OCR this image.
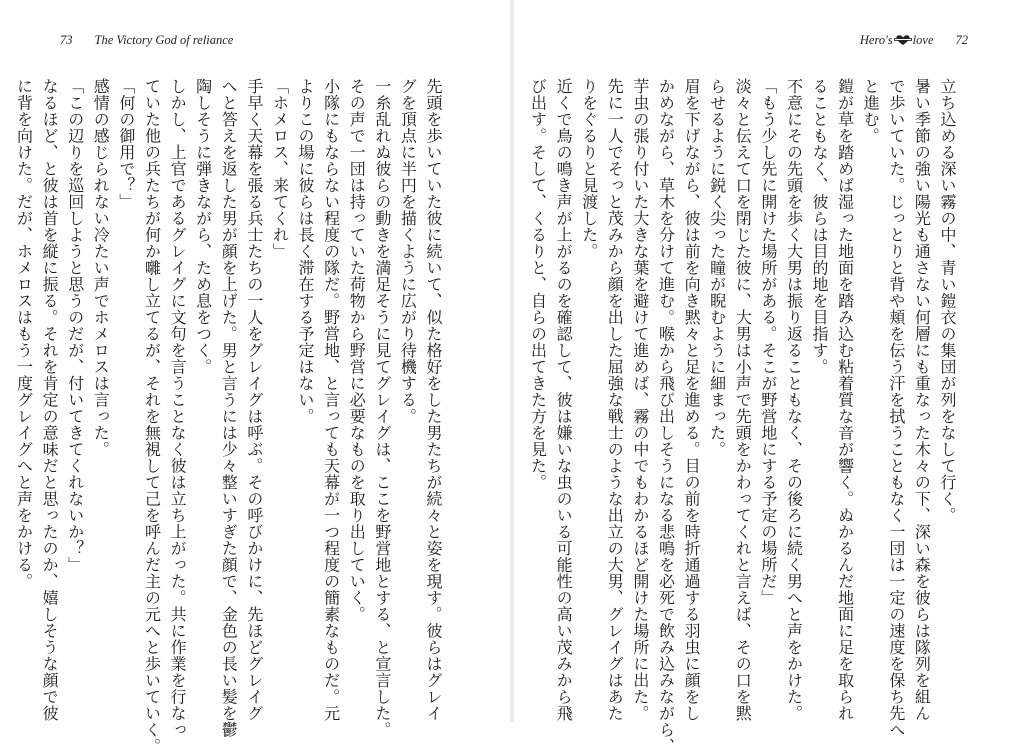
73 The Victory God of reliance	Hero's love 72

立ち込める深い霧の中、青い鎧衣の集団が列をなして行く。

暑い季節の強い陽光も通さない何層にも重なった木々の下、深い森を彼らは隊列を組ん

で歩いていた。じっとりと背や頬を伝う汗を拭うこともなく一団は一定の速度を保ち先へ

と進む。

鎧が草を踏めば湿った地面を踏み込む粘着質な音が響く。ぬかるんだ地面に足を取られ

ることもなく、彼らは目的地を目指す。

不意にその先頭を歩く大男は振り返ることもなく、その後ろに続く男へと声をかけた。

「もう少し先に開けた場所がある。そこが野営地にする予定の場所だ」

淡々と伝えて口を閉じた彼に、大男は小声で先頭をかわってくれと言えば、その口を黙

らせるように鋭く尖った瞳が睨むように細まった。

眉を下げながら、彼は前を向き黙々と足を進める。目の前を時折通過する羽虫に顔をし

かめながら、草木を分けて進む。喉から飛び出しそうになる悲鳴を必死で飲み込みながら、

芋虫の張り付いた大きな葉を避けて進めば、霧の中でもわかるほど開けた場所に出た。

先に一人でそっと茂みから顔を出した屈強な戦士のような出立の大男、グレイグはあた

りをぐるりと見渡した。

近くで鳥の鳴き声が上がるのを確認して、彼は嫌いな虫のいる可能性の高い茂みから飛

び出す。そして、くるりと、自らの出てきた方を見た。

先頭を歩いていた彼に続いて、似た格好をした男たちが続々と姿を現す。彼らはグレイ

グを頂点に半円を描くように広がり待機する。

一糸乱れぬ彼らの動きを満足そうに見てグレイグは、ここを野営地とする、と宣言した。

その声で一団は持っていた荷物から野営に必要なものを取り出していく。

小隊にもならない程度の隊だ。野営地、と言っても天幕が一つ程度の簡素なものだ。元

よりこの場に彼らは長く滞在する予定はない。

「ホメロス、来てくれ」

手早く天幕を張る兵士たちの一人をグレイグは呼ぶ。その呼びかけに、先ほどグレイグ

へと答えを返した男が顔を上げた。男と言うには少々整いすぎた顔で、金色の長い髪を鬱

陶しそうに弾きながら、ため息をつく。

しかし、上官であるグレイグに文句を言うことなく彼は立ち上がった。共に作業を行なっ

ていた他の兵たちが何か囃し立てるが、それを無視して己を呼んだ主の元へと歩いていく。

「何の御用で？」

感情の感じられない冷たい声でホメロスは言った。

「この辺りを巡回しようと思うのだが、付いてきてくれないか？」

なるほど、と彼は首を縦に振る。それを肯定の意味だと思ったのか、嬉しそうな顔で彼

に背を向けた。だが、ホメロスはもう一度グレイグへと声をかける。
